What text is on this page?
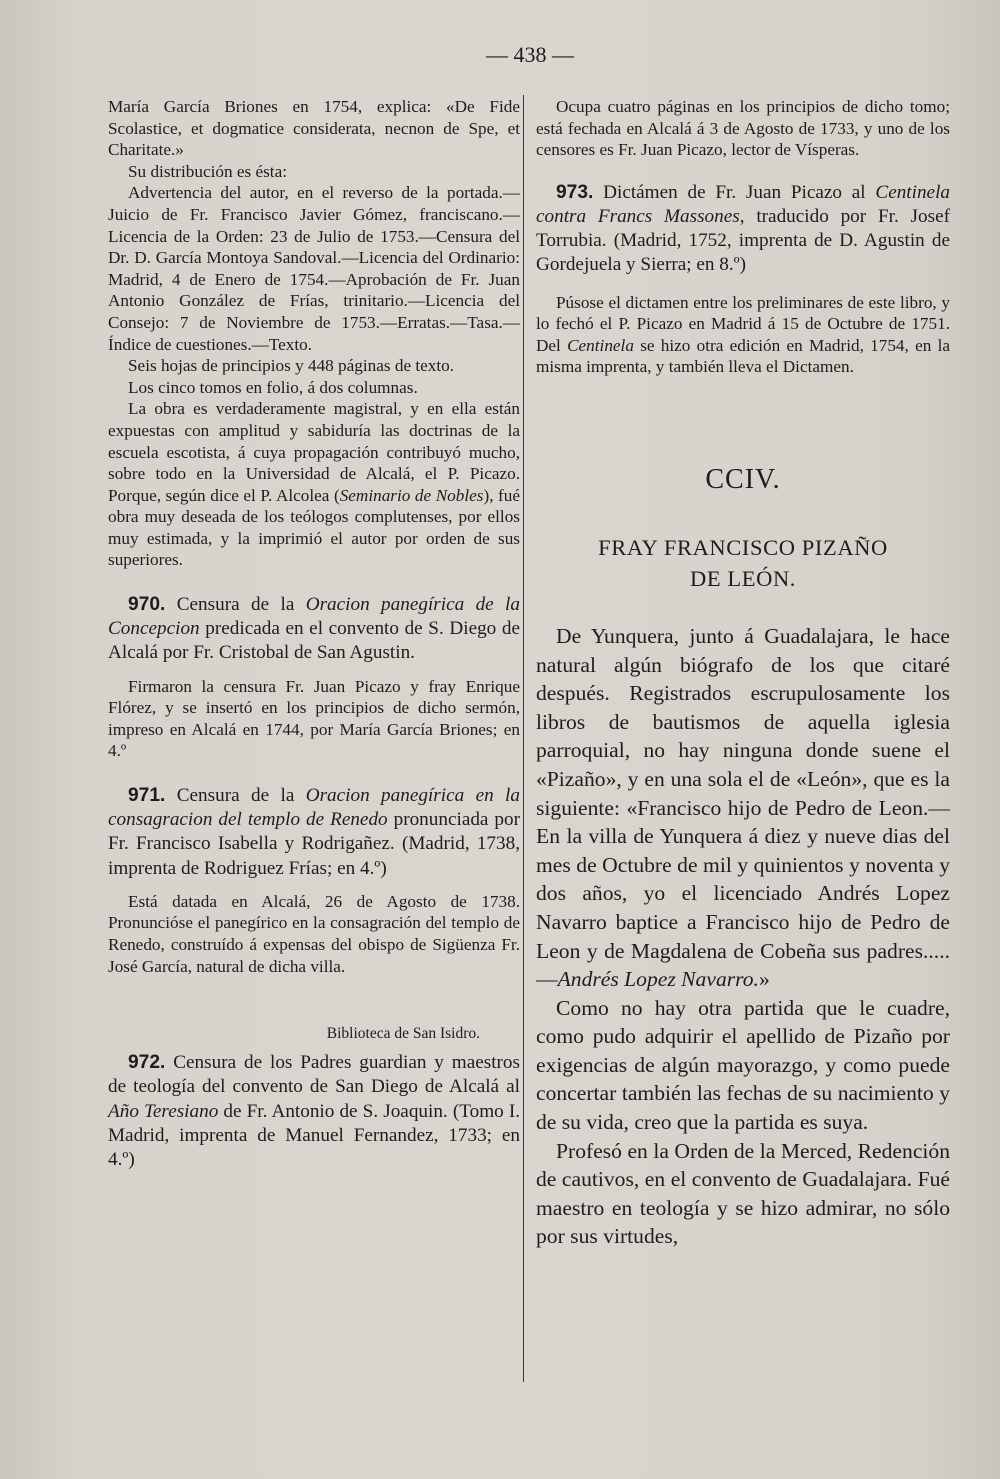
— 438 —

María García Briones en 1754, explica: «De Fide Scolastice, et dogmatice considerata, necnon de Spe, et Charitate.»

Su distribución es ésta:

Advertencia del autor, en el reverso de la portada.—Juicio de Fr. Francisco Javier Gómez, franciscano.—Licencia de la Orden: 23 de Julio de 1753.—Censura del Dr. D. García Montoya Sandoval.—Licencia del Ordinario: Madrid, 4 de Enero de 1754.—Aprobación de Fr. Juan Antonio González de Frías, trinitario.—Licencia del Consejo: 7 de Noviembre de 1753.—Erratas.—Tasa.—Índice de cuestiones.—Texto.

Seis hojas de principios y 448 páginas de texto.

Los cinco tomos en folio, á dos columnas.

La obra es verdaderamente magistral, y en ella están expuestas con amplitud y sabiduría las doctrinas de la escuela escotista, á cuya propagación contribuyó mucho, sobre todo en la Universidad de Alcalá, el P. Picazo. Porque, según dice el P. Alcolea (Seminario de Nobles), fué obra muy deseada de los teólogos complutenses, por ellos muy estimada, y la imprimió el autor por orden de sus superiores.

970. Censura de la Oracion panegírica de la Concepcion predicada en el convento de S. Diego de Alcalá por Fr. Cristobal de San Agustin.

Firmaron la censura Fr. Juan Picazo y fray Enrique Flórez, y se insertó en los principios de dicho sermón, impreso en Alcalá en 1744, por María García Briones; en 4.º

971. Censura de la Oracion panegírica en la consagracion del templo de Renedo pronunciada por Fr. Francisco Isabella y Rodrigañez. (Madrid, 1738, imprenta de Rodriguez Frías; en 4.º)

Está datada en Alcalá, 26 de Agosto de 1738. Pronuncióse el panegírico en la consagración del templo de Renedo, construído á expensas del obispo de Sigüenza Fr. José García, natural de dicha villa.

Biblioteca de San Isidro.

972. Censura de los Padres guardian y maestros de teología del convento de San Diego de Alcalá al Año Teresiano de Fr. Antonio de S. Joaquin. (Tomo I. Madrid, imprenta de Manuel Fernandez, 1733; en 4.º)

Ocupa cuatro páginas en los principios de dicho tomo; está fechada en Alcalá á 3 de Agosto de 1733, y uno de los censores es Fr. Juan Picazo, lector de Vísperas.

973. Dictámen de Fr. Juan Picazo al Centinela contra Francs Massones, traducido por Fr. Josef Torrubia. (Madrid, 1752, imprenta de D. Agustin de Gordejuela y Sierra; en 8.º)

Púsose el dictamen entre los preliminares de este libro, y lo fechó el P. Picazo en Madrid á 15 de Octubre de 1751. Del Centinela se hizo otra edición en Madrid, 1754, en la misma imprenta, y también lleva el Dictamen.

CCIV.
FRAY FRANCISCO PIZAÑO
DE LEÓN.

De Yunquera, junto á Guadalajara, le hace natural algún biógrafo de los que citaré después. Registrados escrupulosamente los libros de bautismos de aquella iglesia parroquial, no hay ninguna donde suene el «Pizaño», y en una sola el de «León», que es la siguiente: «Francisco hijo de Pedro de Leon.—En la villa de Yunquera á diez y nueve dias del mes de Octubre de mil y quinientos y noventa y dos años, yo el licenciado Andrés Lopez Navarro baptice a Francisco hijo de Pedro de Leon y de Magdalena de Cobeña sus padres.....—Andrés Lopez Navarro.»

Como no hay otra partida que le cuadre, como pudo adquirir el apellido de Pizaño por exigencias de algún mayorazgo, y como puede concertar también las fechas de su nacimiento y de su vida, creo que la partida es suya.

Profesó en la Orden de la Merced, Redención de cautivos, en el convento de Guadalajara. Fué maestro en teología y se hizo admirar, no sólo por sus virtudes,
